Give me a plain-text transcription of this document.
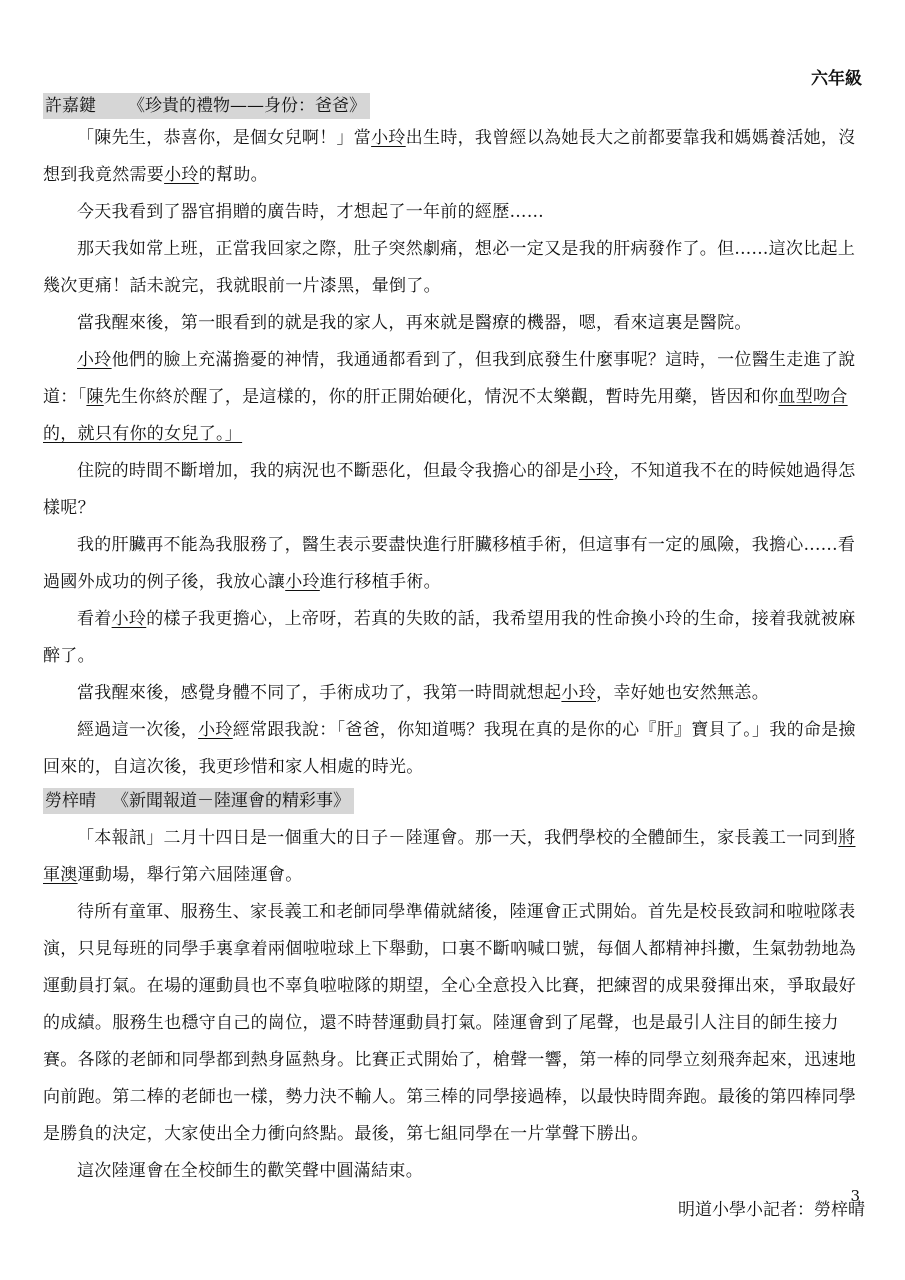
六年級
許嘉鍵 《珍貴的禮物——身份：爸爸》

「陳先生，恭喜你，是個女兒啊！」當小玲出生時，我曾經以為她長大之前都要靠我和媽媽養活她，沒想到我竟然需要小玲的幫助。

今天我看到了器官捐贈的廣告時，才想起了一年前的經歷……

那天我如常上班，正當我回家之際，肚子突然劇痛，想必一定又是我的肝病發作了。但......這次比起上幾次更痛！話未說完，我就眼前一片漆黑，暈倒了。

當我醒來後，第一眼看到的就是我的家人，再來就是醫療的機器，嗯，看來這裏是醫院。

小玲他們的臉上充滿擔憂的神情，我通通都看到了，但我到底發生什麼事呢？這時，一位醫生走進了說道：「陳先生你終於醒了，是這樣的，你的肝正開始硬化，情況不太樂觀，暫時先用藥，皆因和你血型吻合的，就只有你的女兒了。」

住院的時間不斷增加，我的病況也不斷惡化，但最令我擔心的卻是小玲，不知道我不在的時候她過得怎樣呢？

我的肝臟再不能為我服務了，醫生表示要盡快進行肝臟移植手術，但這事有一定的風險，我擔心......看過國外成功的例子後，我放心讓小玲進行移植手術。

看着小玲的樣子我更擔心，上帝呀，若真的失敗的話，我希望用我的性命換小玲的生命，接着我就被麻醉了。

當我醒來後，感覺身體不同了，手術成功了，我第一時間就想起小玲，幸好她也安然無恙。

經過這一次後，小玲經常跟我說：「爸爸，你知道嗎？我現在真的是你的心『肝』寶貝了。」我的命是撿回來的，自這次後，我更珍惜和家人相處的時光。

勞梓晴 《新聞報道－陸運會的精彩事》

「本報訊」二月十四日是一個重大的日子－陸運會。那一天，我們學校的全體師生，家長義工一同到將軍澳運動場，舉行第六屆陸運會。

待所有童軍、服務生、家長義工和老師同學準備就緒後，陸運會正式開始。首先是校長致詞和啦啦隊表演，只見每班的同學手裏拿着兩個啦啦球上下舉動，口裏不斷吶喊口號，每個人都精神抖擻，生氣勃勃地為運動員打氣。在場的運動員也不辜負啦啦隊的期望，全心全意投入比賽，把練習的成果發揮出來，爭取最好的成績。服務生也穩守自己的崗位，還不時替運動員打氣。陸運會到了尾聲，也是最引人注目的師生接力賽。各隊的老師和同學都到熱身區熱身。比賽正式開始了，槍聲一響，第一棒的同學立刻飛奔起來，迅速地向前跑。第二棒的老師也一樣，勢力決不輸人。第三棒的同學接過棒，以最快時間奔跑。最後的第四棒同學是勝負的決定，大家使出全力衝向終點。最後，第七組同學在一片掌聲下勝出。

這次陸運會在全校師生的歡笑聲中圓滿結束。

明道小學小記者：勞梓晴
3
